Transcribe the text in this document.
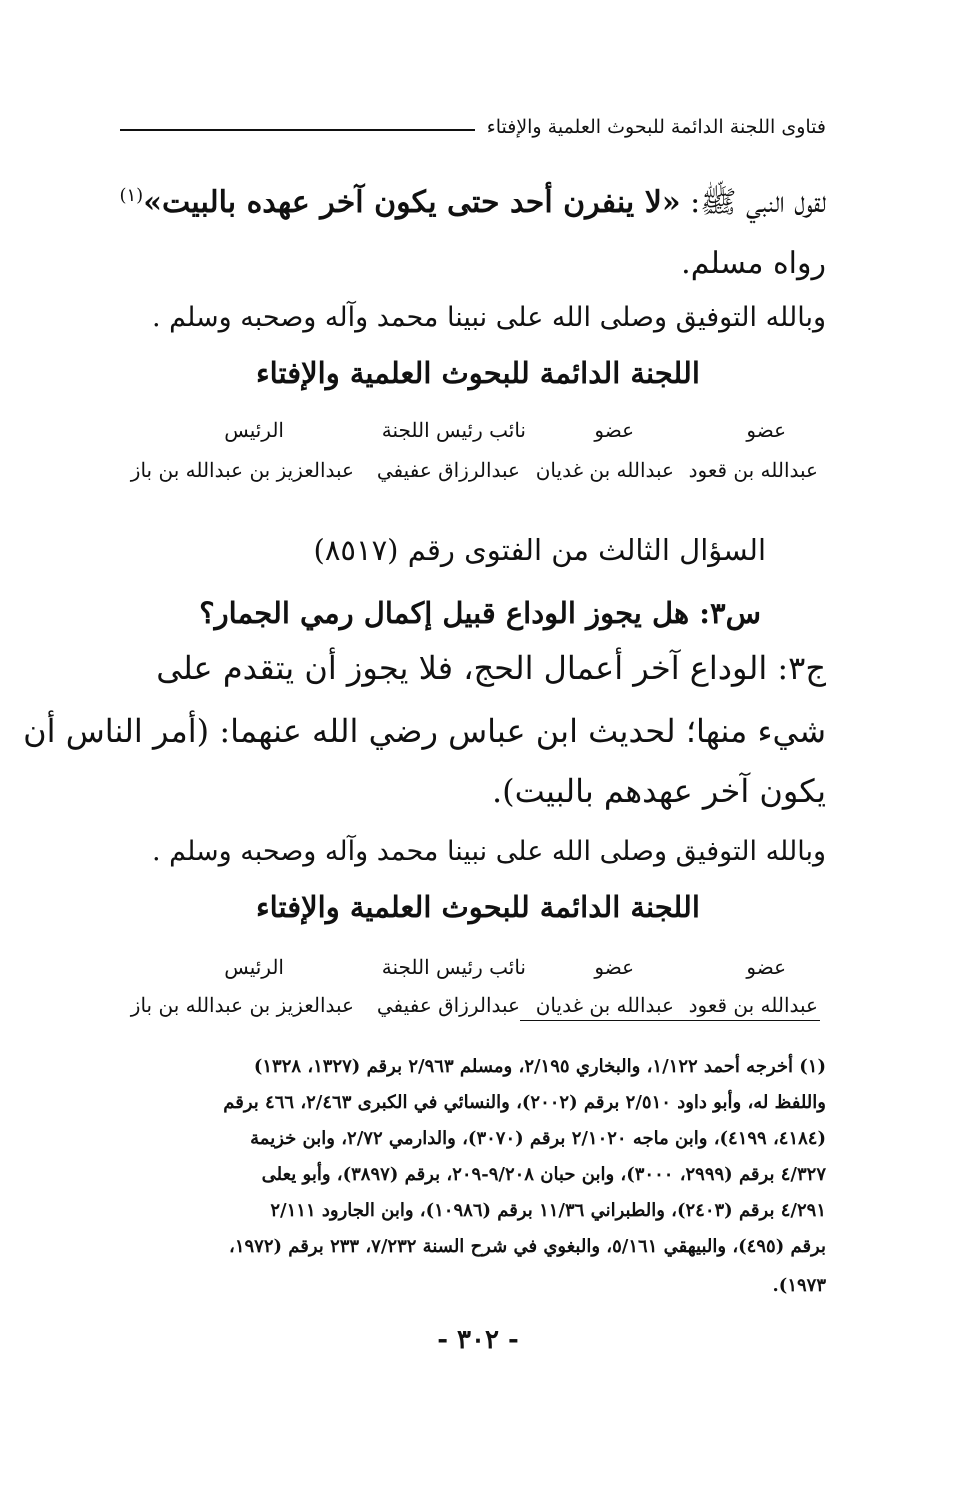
فتاوى اللجنة الدائمة للبحوث العلمية والإفتاء
لقول النبي ﷺ: «لا ينفرن أحد حتى يكون آخر عهده بالبيت»$^{(١)}$
رواه مسلم.
وبالله التوفيق وصلى الله على نبينا محمد وآله وصحبه وسلم .
اللجنة الدائمة للبحوث العلمية والإفتاء
عضو
عضو
نائب رئيس اللجنة
الرئيس
عبدالله بن قعود
عبدالله بن غديان
عبدالرزاق عفيفي
عبدالعزيز بن عبدالله بن باز
السؤال الثالث من الفتوى رقم (٨٥١٧)
س٣: هل يجوز الوداع قبيل إكمال رمي الجمار؟
ج٣: الوداع آخر أعمال الحج، فلا يجوز أن يتقدم على
شيء منها؛ لحديث ابن عباس رضي الله عنهما: (أمر الناس أن
يكون آخر عهدهم بالبيت).
وبالله التوفيق وصلى الله على نبينا محمد وآله وصحبه وسلم .
اللجنة الدائمة للبحوث العلمية والإفتاء
عضو
عضو
نائب رئيس اللجنة
الرئيس
عبدالله بن قعود
عبدالله بن غديان
عبدالرزاق عفيفي
عبدالعزيز بن عبدالله بن باز
(١) أخرجه أحمد ١/١٢٢، والبخاري ٢/١٩٥، ومسلم ٢/٩٦٣ برقم (١٣٢٧، ١٣٢٨)
واللفظ له، وأبو داود ٢/٥١٠ برقم (٢٠٠٢)، والنسائي في الكبرى ٢/٤٦٣، ٤٦٦ برقم
(٤١٨٤، ٤١٩٩)، وابن ماجه ٢/١٠٢٠ برقم (٣٠٧٠)، والدارمي ٢/٧٢، وابن خزيمة
٤/٣٢٧ برقم (٢٩٩٩، ٣٠٠٠)، وابن حبان ٩/٢٠٨-٢٠٩، برقم (٣٨٩٧)، وأبو يعلى
٤/٢٩١ برقم (٢٤٠٣)، والطبراني ١١/٣٦ برقم (١٠٩٨٦)، وابن الجارود ٢/١١١
برقم (٤٩٥)، والبيهقي ٥/١٦١، والبغوي في شرح السنة ٧/٢٣٢، ٢٣٣ برقم (١٩٧٢،
١٩٧٣).
- ٣٠٢ -
